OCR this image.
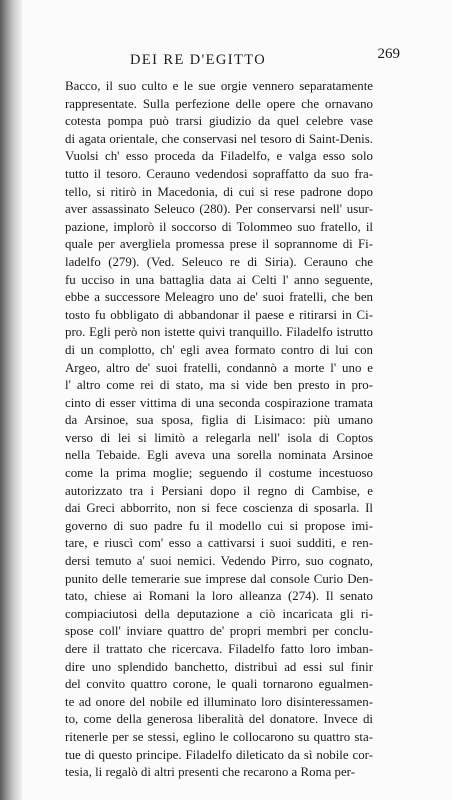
DEI RE D'EGITTO	269
Bacco, il suo culto e le sue orgie vennero separatamente
rappresentate. Sulla perfezione delle opere che ornavano
cotesta pompa può trarsi giudizio da quel celebre vase
di agata orientale, che conservasi nel tesoro di Saint-Denis.
Vuolsi ch' esso proceda da Filadelfo, e valga esso solo
tutto il tesoro. Cerauno vedendosi sopraffatto da suo fra-
tello, si ritirò in Macedonia, di cui si rese padrone dopo
aver assassinato Seleuco (280). Per conservarsi nell' usur-
pazione, implorò il soccorso di Tolommeo suo fratello, il
quale per averglielа promessa prese il soprannome di Fi-
ladelfo (279). (Ved. Seleuco re di Siria). Cerauno che
fu ucciso in una battaglia data ai Celti l' anno seguente,
ebbe a successore Meleagro uno de' suoi fratelli, che ben
tosto fu obbligato di abbandonar il paese e ritirarsi in Ci-
pro. Egli però non istette quivi tranquillo. Filadelfo istrutto
di un complotto, ch' egli avea formato contro di lui con
Argeo, altro de' suoi fratelli, condannò a morte l' uno e
l' altro come rei di stato, ma si vide ben presto in pro-
cinto di esser vittima di una seconda cospirazione tramata
da Arsinoe, sua sposa, figlia di Lisimaco: più umano
verso di lei si limitò a relegarla nell' isola di Coptos
nella Tebaide. Egli aveva una sorella nominata Arsinoe
come la prima moglie; seguendo il costume incestuoso
autorizzato tra i Persiani dopo il regno di Cambise, e
dai Greci abborrito, non si fece coscienza di sposarla. Il
governo di suo padre fu il modello cui si propose imi-
tare, e riuscì com' esso a cattivarsi i suoi sudditi, e ren-
dersi temuto a' suoi nemici. Vedendo Pirro, suo cognato,
punito delle temerarie sue imprese dal console Curio Den-
tato, chiese ai Romani la loro alleanza (274). Il senato
compiaciutosi della deputazione a ciò incaricata gli ri-
spose coll' inviare quattro de' propri membri per conclu-
dere il trattato che ricercava. Filadelfo fatto loro imban-
dire uno splendido banchetto, distribuì ad essi sul finir
del convito quattro corone, le quali tornarono egualmen-
te ad onore del nobile ed illuminato loro disinteressamen-
to, come della generosa liberalità del donatore. Invece di
ritenerle per se stessi, eglino le collocarono su quattro sta-
tue di questo principe. Filadelfo dileticato da sì nobile cor-
tesia, li regalò di altri presenti che recarono a Roma per-
